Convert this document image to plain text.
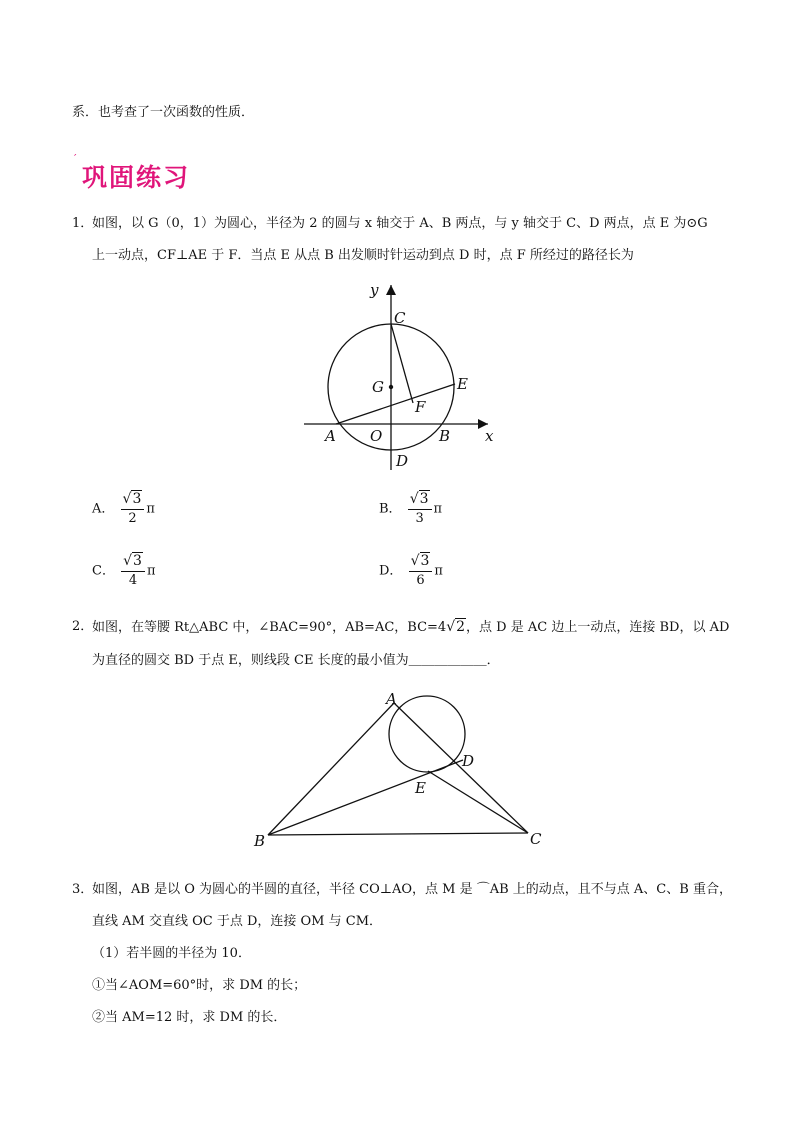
系．也考查了一次函数的性质．
′
巩固练习
1．
如图，以 G（0，1）为圆心，半径为 2 的圆与 x 轴交于 A、B 两点，与 y 轴交于 C、D 两点，点 E 为⊙G
上一动点，CF⊥AE 于 F．当点 E 从点 B 出发顺时针运动到点 D 时，点 F 所经过的路径长为
y
C
G	E
F
A O	B x
D
A． $\frac{√3}{2}$ π	B． $\frac{√3}{3}$ π
C． $\frac{√3}{4}$ π	D． $\frac{√3}{6}$ π
2．
如图，在等腰 Rt△ABC 中，∠BAC=90°，AB=AC，BC=4√2，点 D 是 AC 边上一动点，连接 BD，以 AD
为直径的圆交 BD 于点 E，则线段 CE 长度的最小值为＿＿＿＿＿＿．
A
D
E
B	C
3．
如图，AB 是以 O 为圆心的半圆的直径，半径 CO⊥AO，点 M 是 ⌒AB 上的动点，且不与点 A、C、B 重合，
直线 AM 交直线 OC 于点 D，连接 OM 与 CM．
（1）若半圆的半径为 10．
①当∠AOM=60°时，求 DM 的长；
②当 AM=12 时，求 DM 的长．
